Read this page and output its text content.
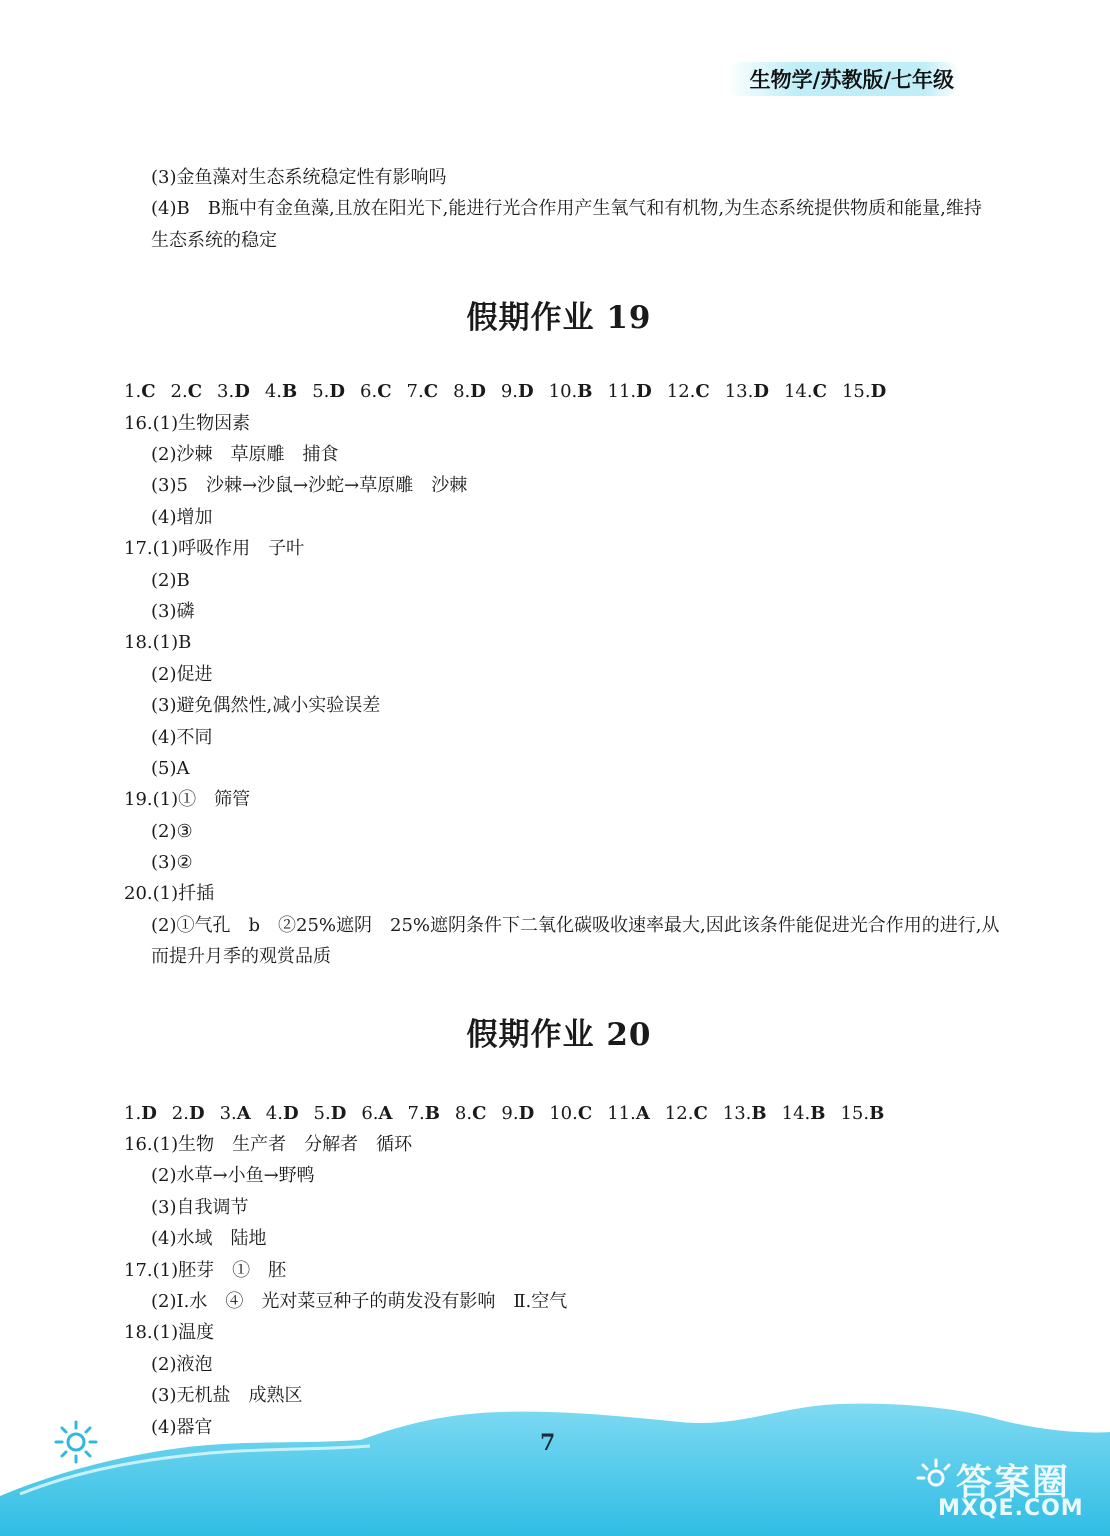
生物学/苏教版/七年级
(3)金鱼藻对生态系统稳定性有影响吗
(4)B　B瓶中有金鱼藻,且放在阳光下,能进行光合作用产生氧气和有机物,为生态系统提供物质和能量,维持生态系统的稳定
假期作业 19
1.C 2.C 3.D 4.B 5.D 6.C 7.C 8.D 9.D 10.B 11.D 12.C 13.D 14.C 15.D
16.(1)生物因素
(2)沙棘　草原雕　捕食
(3)5　沙棘→沙鼠→沙蛇→草原雕　沙棘
(4)增加
17.(1)呼吸作用　子叶
(2)B
(3)磷
18.(1)B
(2)促进
(3)避免偶然性,减小实验误差
(4)不同
(5)A
19.(1)①　筛管
(2)③
(3)②
20.(1)扦插
(2)①气孔　b　②25%遮阴　25%遮阴条件下二氧化碳吸收速率最大,因此该条件能促进光合作用的进行,从而提升月季的观赏品质
假期作业 20
1.D 2.D 3.A 4.D 5.D 6.A 7.B 8.C 9.D 10.C 11.A 12.C 13.B 14.B 15.B
16.(1)生物　生产者　分解者　循环
(2)水草→小鱼→野鸭
(3)自我调节
(4)水域　陆地
17.(1)胚芽　①　胚
(2)Ⅰ.水　④　光对菜豆种子的萌发没有影响　Ⅱ.空气
18.(1)温度
(2)液泡
(3)无机盐　成熟区
(4)器官
7
答案圈
MXQE.COM
